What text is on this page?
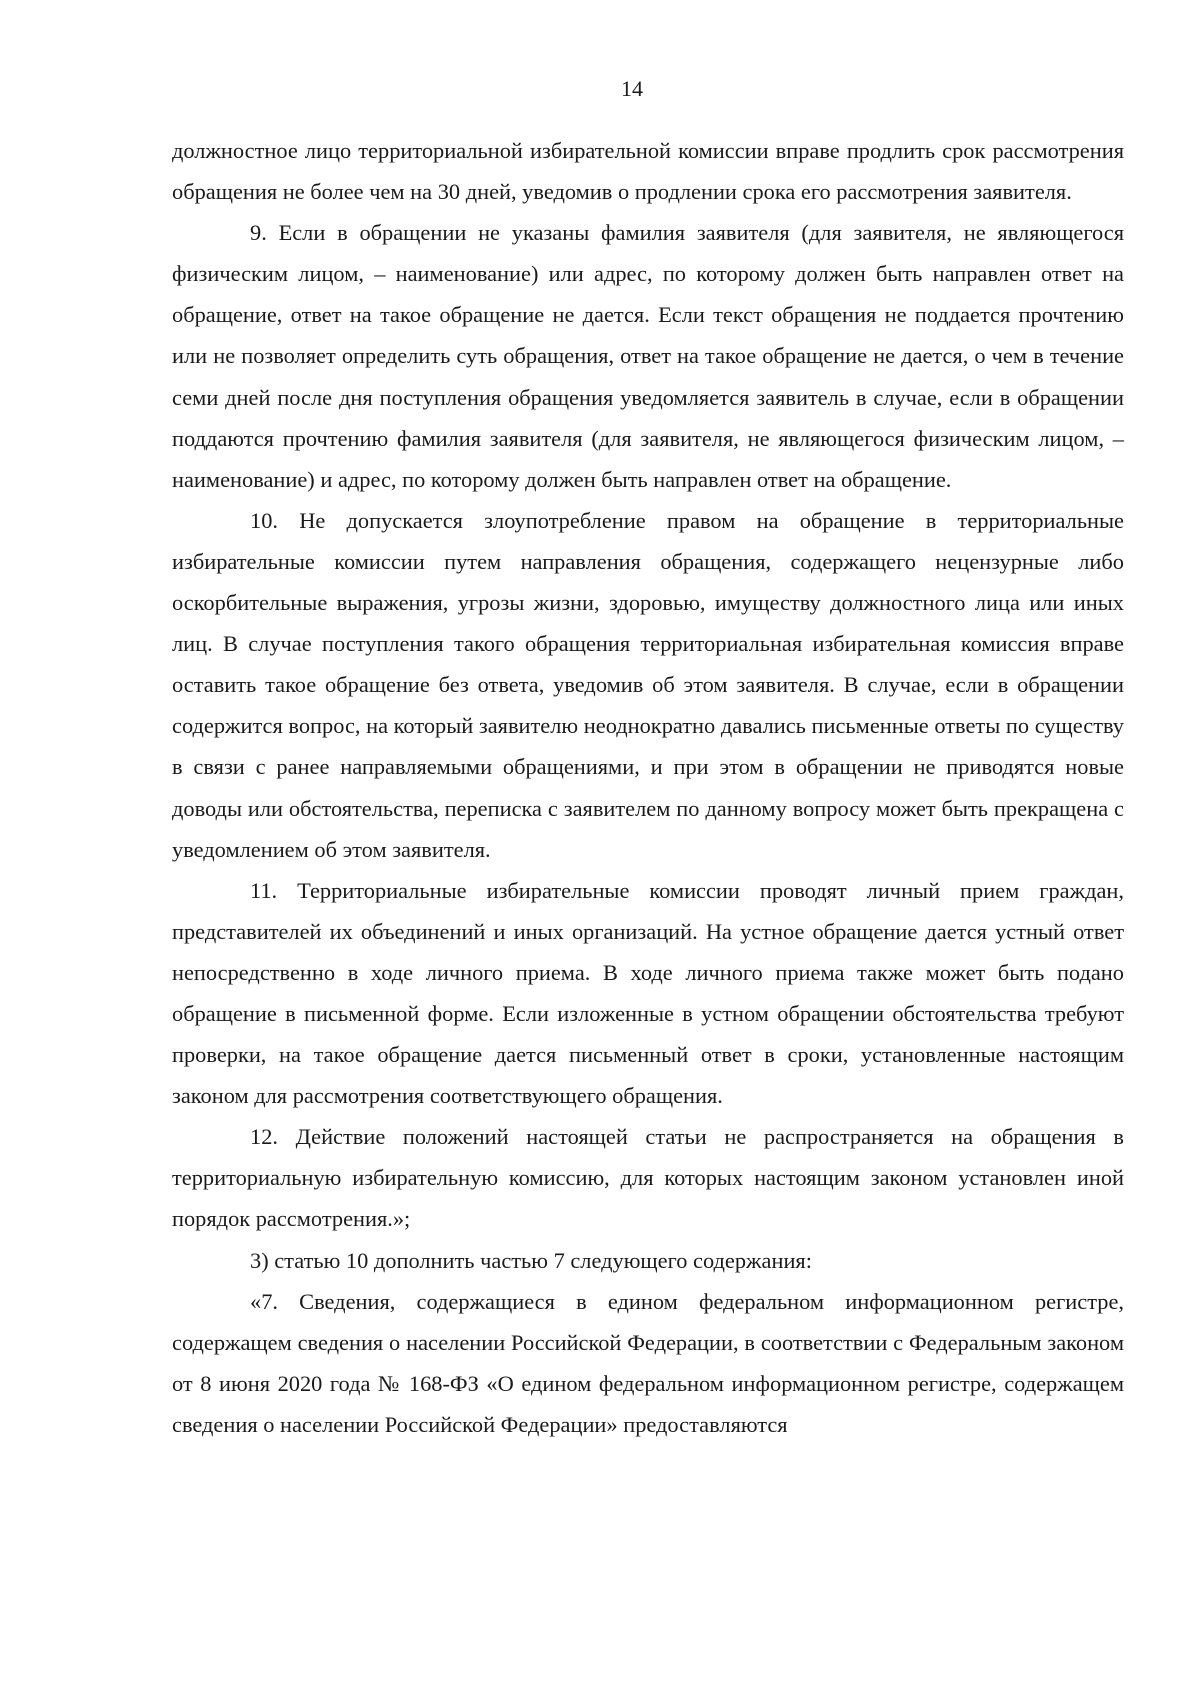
14

должностное лицо территориальной избирательной комиссии вправе продлить срок рассмотрения обращения не более чем на 30 дней, уведомив о продлении срока его рассмотрения заявителя.

9. Если в обращении не указаны фамилия заявителя (для заявителя, не являющегося физическим лицом, – наименование) или адрес, по которому должен быть направлен ответ на обращение, ответ на такое обращение не дается. Если текст обращения не поддается прочтению или не позволяет определить суть обращения, ответ на такое обращение не дается, о чем в течение семи дней после дня поступления обращения уведомляется заявитель в случае, если в обращении поддаются прочтению фамилия заявителя (для заявителя, не являющегося физическим лицом, – наименование) и адрес, по которому должен быть направлен ответ на обращение.

10. Не допускается злоупотребление правом на обращение в территориальные избирательные комиссии путем направления обращения, содержащего нецензурные либо оскорбительные выражения, угрозы жизни, здоровью, имуществу должностного лица или иных лиц. В случае поступления такого обращения территориальная избирательная комиссия вправе оставить такое обращение без ответа, уведомив об этом заявителя. В случае, если в обращении содержится вопрос, на который заявителю неоднократно давались письменные ответы по существу в связи с ранее направляемыми обращениями, и при этом в обращении не приводятся новые доводы или обстоятельства, переписка с заявителем по данному вопросу может быть прекращена с уведомлением об этом заявителя.

11. Территориальные избирательные комиссии проводят личный прием граждан, представителей их объединений и иных организаций. На устное обращение дается устный ответ непосредственно в ходе личного приема. В ходе личного приема также может быть подано обращение в письменной форме. Если изложенные в устном обращении обстоятельства требуют проверки, на такое обращение дается письменный ответ в сроки, установленные настоящим законом для рассмотрения соответствующего обращения.

12. Действие положений настоящей статьи не распространяется на обращения в территориальную избирательную комиссию, для которых настоящим законом установлен иной порядок рассмотрения.»;

3) статью 10 дополнить частью 7 следующего содержания:

«7. Сведения, содержащиеся в едином федеральном информационном регистре, содержащем сведения о населении Российской Федерации, в соответствии с Федеральным законом от 8 июня 2020 года № 168-ФЗ «О едином федеральном информационном регистре, содержащем сведения о населении Российской Федерации» предоставляются
